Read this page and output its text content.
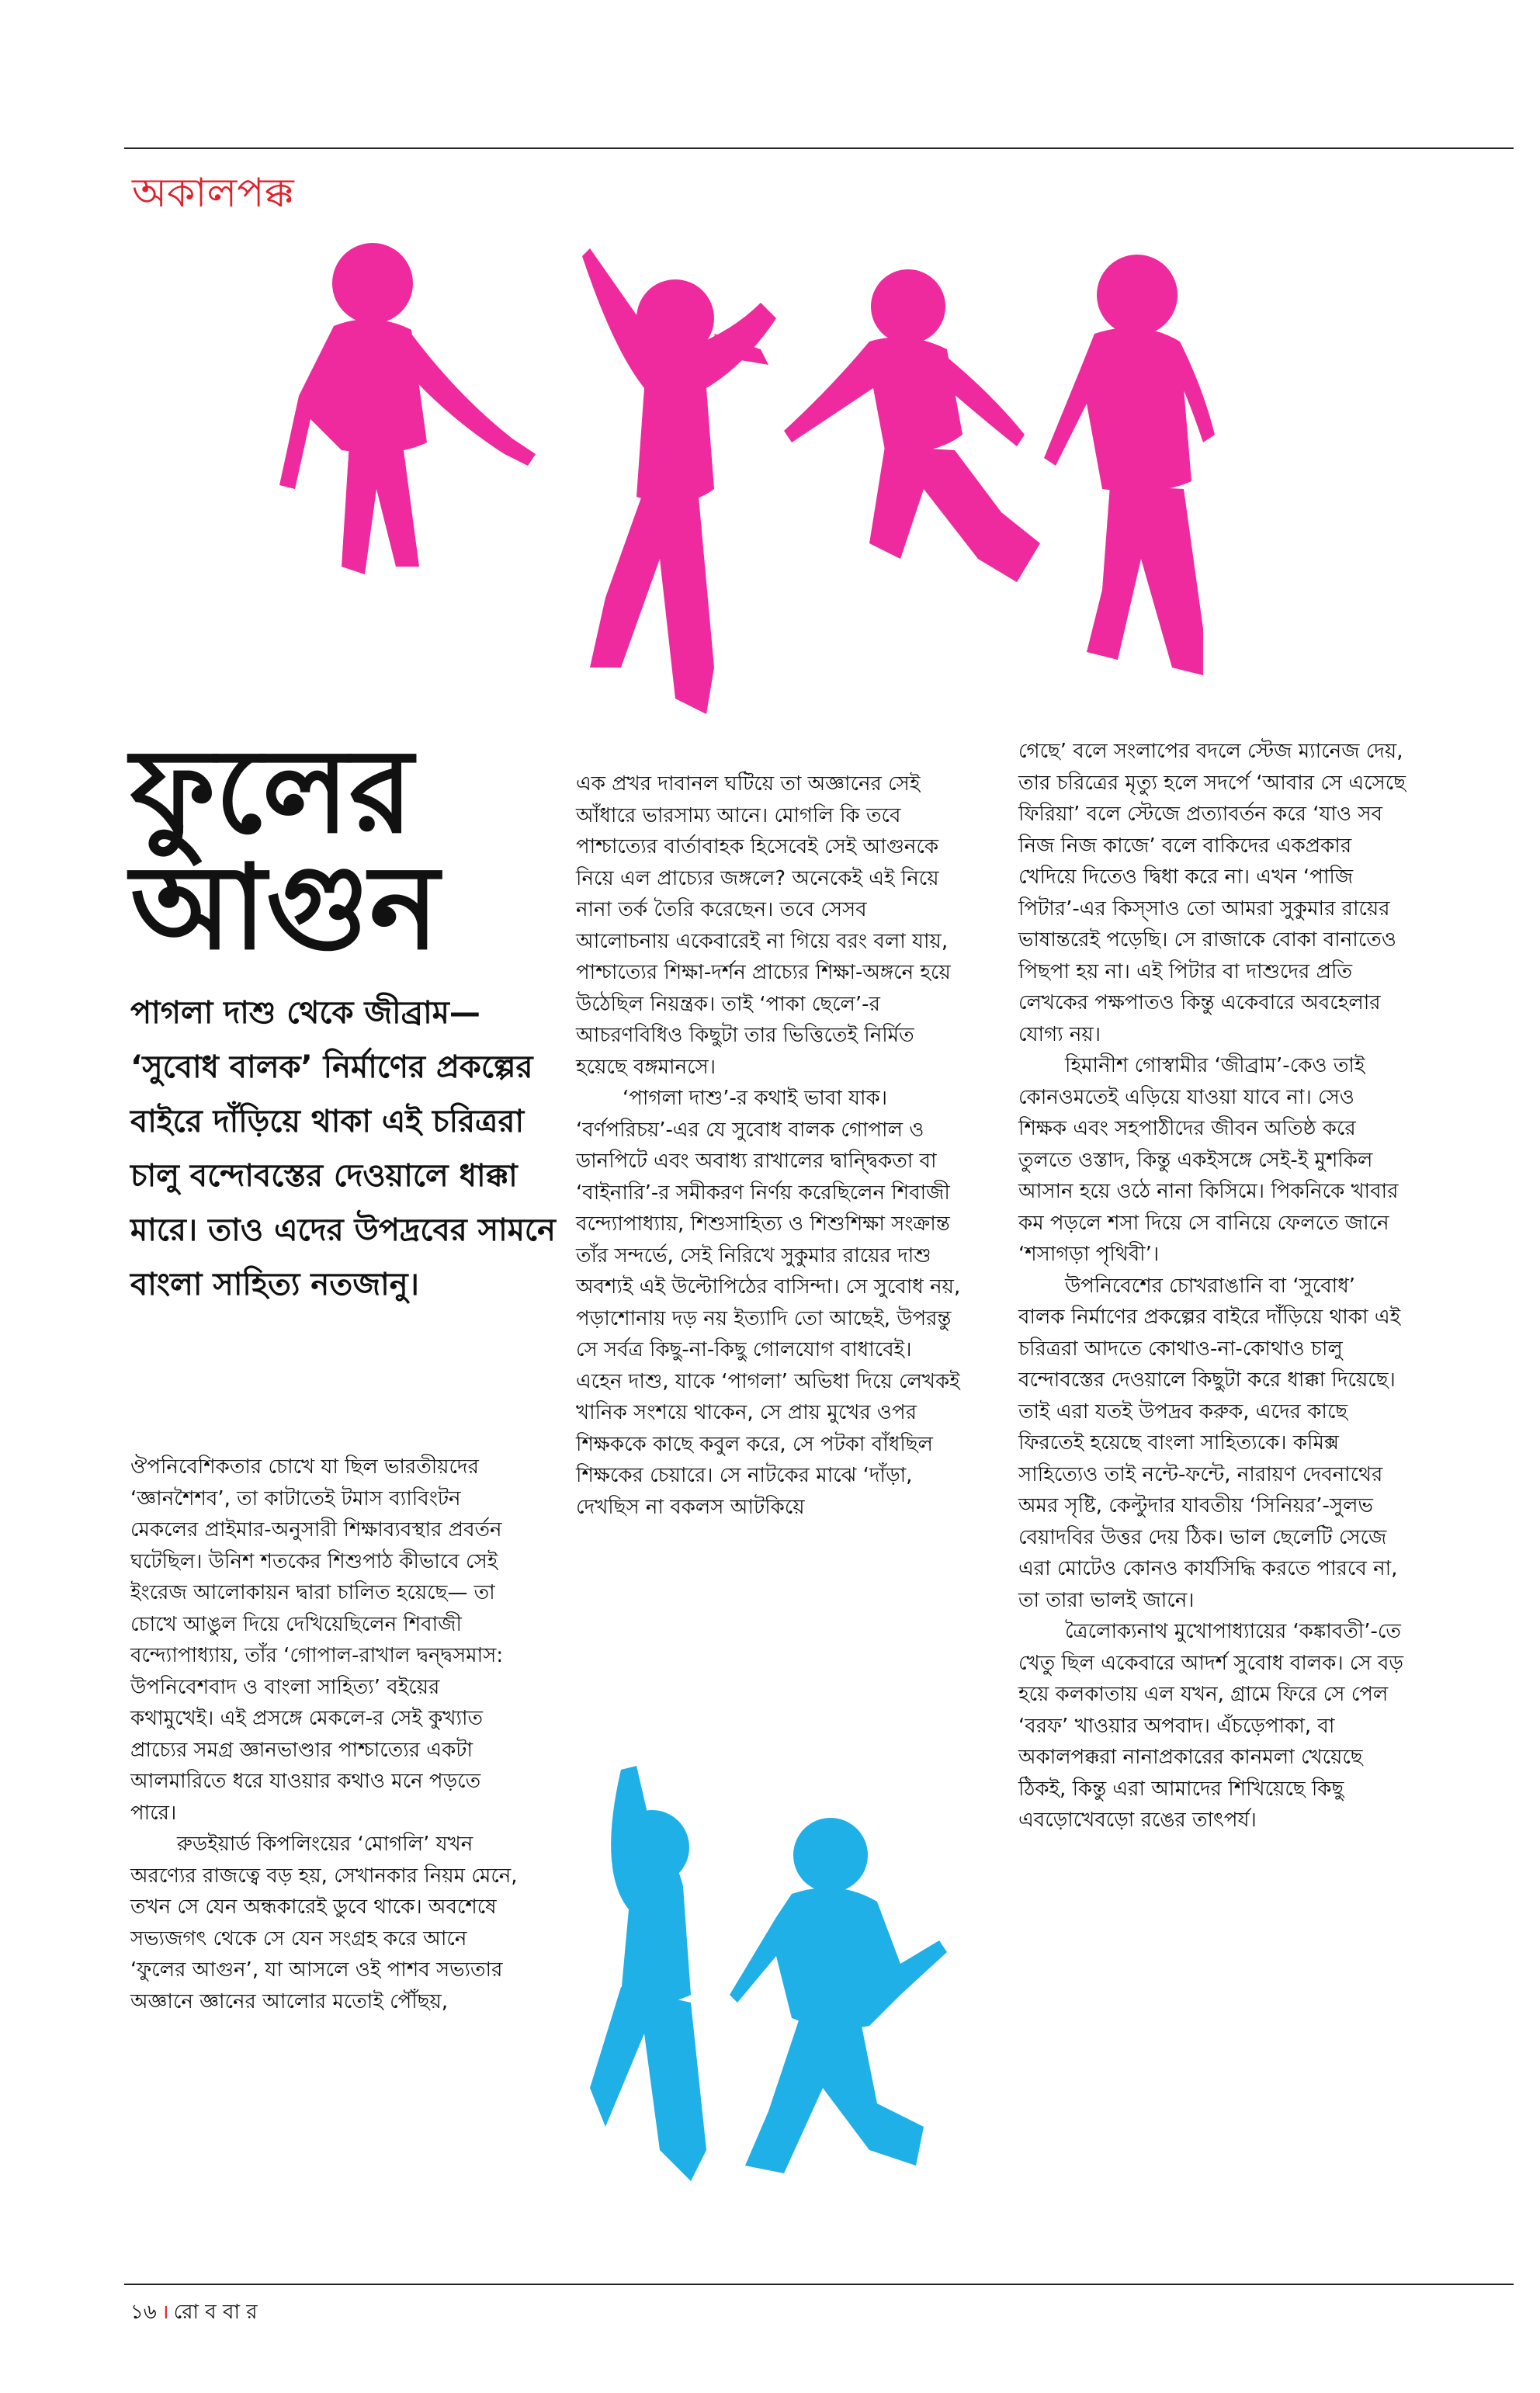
অকালপক্ক
ফুলের
আগুন
পাগলা দাশু থেকে জীব্রাম— ‘সুবোধ বালক’ নির্মাণের প্রকল্পের বাইরে দাঁড়িয়ে থাকা এই চরিত্ররা চালু বন্দোবস্তের দেওয়ালে ধাক্কা মারে। তাও এদের উপদ্রবের সামনে বাংলা সাহিত্য নতজানু।

ঔপনিবেশিকতার চোখে যা ছিল ভারতীয়দের ‘জ্ঞানশৈশব’, তা কাটাতেই টমাস ব্যাবিংটন মেকলের প্রাইমার-অনুসারী শিক্ষাব্যবস্থার প্রবর্তন ঘটেছিল। উনিশ শতকের শিশুপাঠ কীভাবে সেই ইংরেজ আলোকায়ন দ্বারা চালিত হয়েছে— তা চোখে আঙুল দিয়ে দেখিয়েছিলেন শিবাজী বন্দ্যোপাধ্যায়, তাঁর ‘গোপাল-রাখাল দ্বন্দ্বসমাস: উপনিবেশবাদ ও বাংলা সাহিত্য’ বইয়ের কথামুখেই। এই প্রসঙ্গে মেকলে-র সেই কুখ্যাত প্রাচ্যের সমগ্র জ্ঞানভাণ্ডার পাশ্চাত্যের একটা আলমারিতে ধরে যাওয়ার কথাও মনে পড়তে পারে।

রুডইয়ার্ড কিপলিংয়ের ‘মোগলি’ যখন অরণ্যের রাজত্বে বড় হয়, সেখানকার নিয়ম মেনে, তখন সে যেন অন্ধকারেই ডুবে থাকে। অবশেষে সভ্যজগৎ থেকে সে যেন সংগ্রহ করে আনে ‘ফুলের আগুন’, যা আসলে ওই পাশব সভ্যতার অজ্ঞানে জ্ঞানের আলোর মতোই পৌঁছয়,

এক প্রখর দাবানল ঘটিয়ে তা অজ্ঞানের সেই আঁধারে ভারসাম্য আনে। মোগলি কি তবে পাশ্চাত্যের বার্তাবাহক হিসেবেই সেই আগুনকে নিয়ে এল প্রাচ্যের জঙ্গলে? অনেকেই এই নিয়ে নানা তর্ক তৈরি করেছেন। তবে সেসব আলোচনায় একেবারেই না গিয়ে বরং বলা যায়, পাশ্চাত্যের শিক্ষা-দর্শন প্রাচ্যের শিক্ষা-অঙ্গনে হয়ে উঠেছিল নিয়ন্ত্রক। তাই ‘পাকা ছেলে’-র আচরণবিধিও কিছুটা তার ভিত্তিতেই নির্মিত হয়েছে বঙ্গমানসে।

‘পাগলা দাশু’-র কথাই ভাবা যাক। ‘বর্ণপরিচয়’-এর যে সুবোধ বালক গোপাল ও ডানপিটে এবং অবাধ্য রাখালের দ্বান্দ্বিকতা বা ‘বাইনারি’-র সমীকরণ নির্ণয় করেছিলেন শিবাজী বন্দ্যোপাধ্যায়, শিশুসাহিত্য ও শিশুশিক্ষা সংক্রান্ত তাঁর সন্দর্ভে, সেই নিরিখে সুকুমার রায়ের দাশু অবশ্যই এই উল্টোপিঠের বাসিন্দা। সে সুবোধ নয়, পড়াশোনায় দড় নয় ইত্যাদি তো আছেই, উপরন্তু সে সর্বত্র কিছু-না-কিছু গোলযোগ বাধাবেই। এহেন দাশু, যাকে ‘পাগলা’ অভিধা দিয়ে লেখকই খানিক সংশয়ে থাকেন, সে প্রায় মুখের ওপর শিক্ষককে কাছে কবুল করে, সে পটকা বাঁধছিল শিক্ষকের চেয়ারে। সে নাটকের মাঝে ‘দাঁড়া, দেখছিস না বকলস আটকিয়ে

গেছে’ বলে সংলাপের বদলে স্টেজ ম্যানেজ দেয়, তার চরিত্রের মৃত্যু হলে সদর্পে ‘আবার সে এসেছে ফিরিয়া’ বলে স্টেজে প্রত্যাবর্তন করে ‘যাও সব নিজ নিজ কাজে’ বলে বাকিদের একপ্রকার খেদিয়ে দিতেও দ্বিধা করে না। এখন ‘পাজি পিটার’-এর কিস্‌সাও তো আমরা সুকুমার রায়ের ভাষান্তরেই পড়েছি। সে রাজাকে বোকা বানাতেও পিছপা হয় না। এই পিটার বা দাশুদের প্রতি লেখকের পক্ষপাতও কিন্তু একেবারে অবহেলার যোগ্য নয়।

হিমানীশ গোস্বামীর ‘জীব্রাম’-কেও তাই কোনওমতেই এড়িয়ে যাওয়া যাবে না। সেও শিক্ষক এবং সহপাঠীদের জীবন অতিষ্ঠ করে তুলতে ওস্তাদ, কিন্তু একইসঙ্গে সেই-ই মুশকিল আসান হয়ে ওঠে নানা কিসিমে। পিকনিকে খাবার কম পড়লে শসা দিয়ে সে বানিয়ে ফেলতে জানে ‘শসাগড়া পৃথিবী’।

উপনিবেশের চোখরাঙানি বা ‘সুবোধ’ বালক নির্মাণের প্রকল্পের বাইরে দাঁড়িয়ে থাকা এই চরিত্ররা আদতে কোথাও-না-কোথাও চালু বন্দোবস্তের দেওয়ালে কিছুটা করে ধাক্কা দিয়েছে। তাই এরা যতই উপদ্রব করুক, এদের কাছে ফিরতেই হয়েছে বাংলা সাহিত্যকে। কমিক্স সাহিত্যেও তাই নন্টে-ফন্টে, নারায়ণ দেবনাথের অমর সৃষ্টি, কেল্টুদার যাবতীয় ‘সিনিয়র’-সুলভ বেয়াদবির উত্তর দেয় ঠিক। ভাল ছেলেটি সেজে এরা মোটেও কোনও কার্যসিদ্ধি করতে পারবে না, তা তারা ভালই জানে।

ত্রৈলোক্যনাথ মুখোপাধ্যায়ের ‘কঙ্কাবতী’-তে খেতু ছিল একেবারে আদর্শ সুবোধ বালক। সে বড় হয়ে কলকাতায় এল যখন, গ্রামে ফিরে সে পেল ‘বরফ’ খাওয়ার অপবাদ। এঁচড়েপাকা, বা অকালপক্করা নানাপ্রকারের কানমলা খেয়েছে ঠিকই, কিন্তু এরা আমাদের শিখিয়েছে কিছু এবড়োখেবড়ো রঙের তাৎপর্য।

১৬ । রো ব বা র
